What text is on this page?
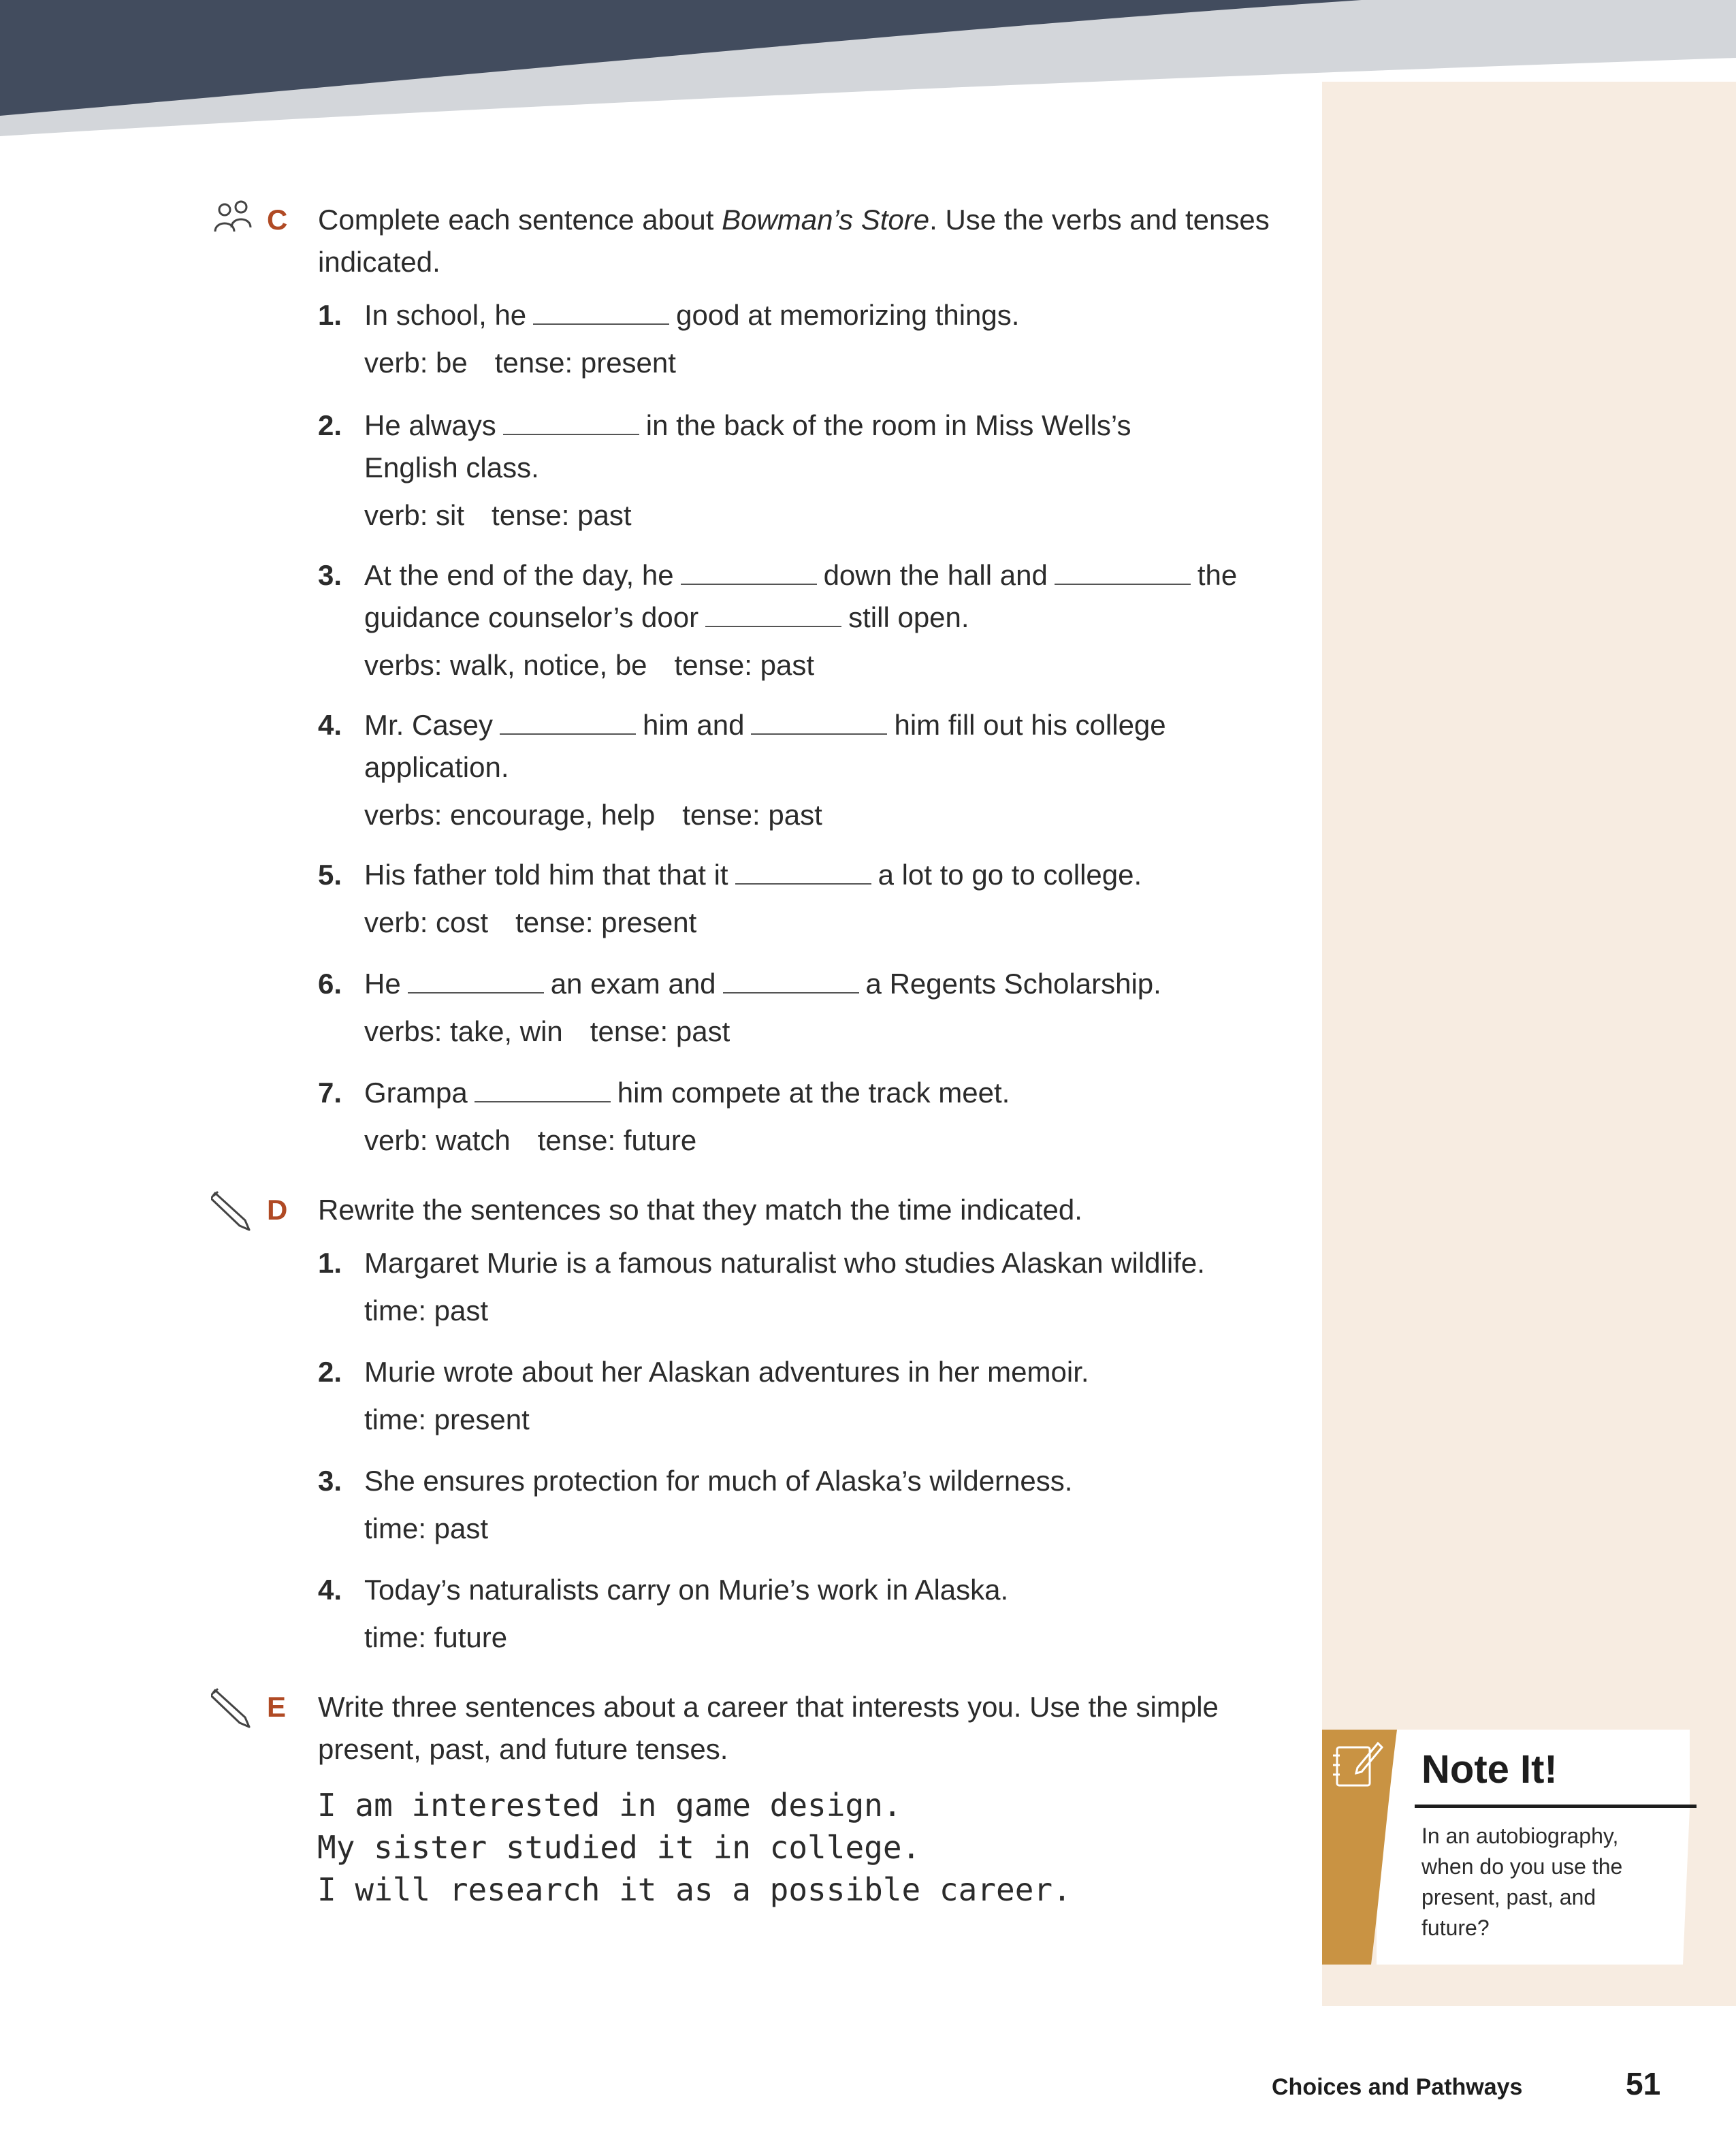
C Complete each sentence about Bowman’s Store. Use the verbs and tenses indicated.
1. In school, he	good at memorizing things.
verb: be tense: present
2. He always	in the back of the room in Miss Wells’s English class.
verb: sit tense: past
3. At the end of the day, he	down the hall and	the guidance counselor’s door	still open.
verbs: walk, notice, be tense: past
4. Mr. Casey	him and	him fill out his college application.
verbs: encourage, help tense: past
5. His father told him that that it	a lot to go to college.
verb: cost tense: present
6. He	an exam and	a Regents Scholarship.
verbs: take, win tense: past
7. Grampa	him compete at the track meet.
verb: watch tense: future
D Rewrite the sentences so that they match the time indicated.
1. Margaret Murie is a famous naturalist who studies Alaskan wildlife.
time: past
2. Murie wrote about her Alaskan adventures in her memoir.
time: present
3. She ensures protection for much of Alaska’s wilderness.
time: past
4. Today’s naturalists carry on Murie’s work in Alaska.
time: future
E Write three sentences about a career that interests you. Use the simple present, past, and future tenses.
I am interested in game design.
My sister studied it in college.
I will research it as a possible career.
Note It!
In an autobiography, when do you use the present, past, and future?
Choices and Pathways	51
